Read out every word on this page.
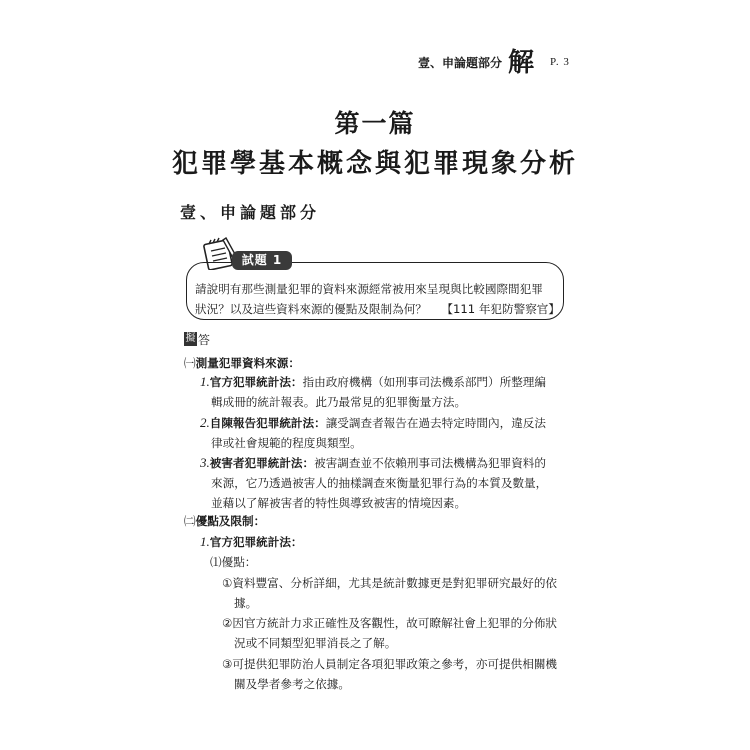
壹、申論題部分 解 P. 3
第一篇
犯罪學基本概念與犯罪現象分析
壹、申論題部分
試題 1
請說明有那些測量犯罪的資料來源經常被用來呈現與比較國際間犯罪
狀況？以及這些資料來源的優點及限制為何？ 【111 年犯防警察官】
擬 答
㈠測量犯罪資料來源：
1.官方犯罪統計法：指由政府機構（如刑事司法機系部門）所整理編
輯成冊的統計報表。此乃最常見的犯罪衡量方法。
2.自陳報告犯罪統計法：讓受調查者報告在過去特定時間內，違反法
律或社會規範的程度與類型。
3.被害者犯罪統計法：被害調查並不依賴刑事司法機構為犯罪資料的
來源，它乃透過被害人的抽樣調查來衡量犯罪行為的本質及數量，
並藉以了解被害者的特性與導致被害的情境因素。
㈡優點及限制：
1.官方犯罪統計法：
⑴優點：
①資料豐富、分析詳細，尤其是統計數據更是對犯罪研究最好的依
據。
②因官方統計力求正確性及客觀性，故可瞭解社會上犯罪的分佈狀
況或不同類型犯罪消長之了解。
③可提供犯罪防治人員制定各項犯罪政策之參考，亦可提供相關機
關及學者參考之依據。
